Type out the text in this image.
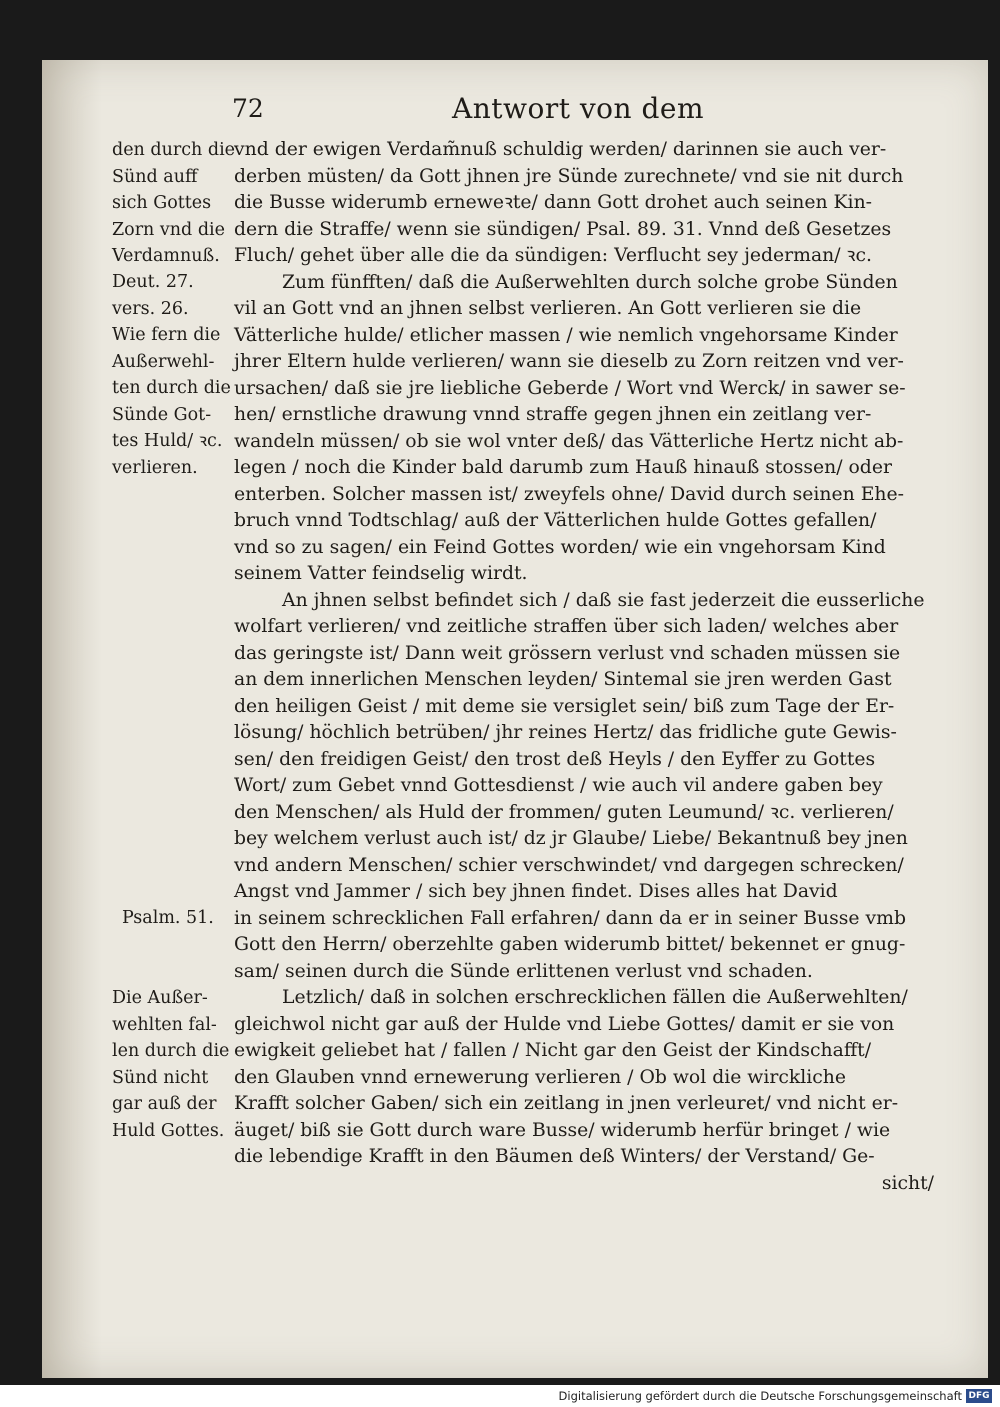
72	Antwort von dem
den durch die
Sünd auff
sich Gottes
Zorn vnd die
Verdamnuß.
Deut. 27.
vers. 26.
Wie fern die
Außerwehl-
ten durch die
Sünde Got-
tes Huld/ ꝛc.
verlieren.
Psalm. 51.
Die Außer-
wehlten fal-
len durch die
Sünd nicht
gar auß der
Huld Gottes.
vnd der ewigen Verdam̃nuß schuldig werden/ darinnen sie auch ver-
derben müsten/ da Gott jhnen jre Sünde zurechnete/ vnd sie nit durch
die Busse widerumb erneweꝛte/ dann Gott drohet auch seinen Kin-
dern die Straffe/ wenn sie sündigen/ Psal. 89. 31. Vnnd deß Gesetzes
Fluch/ gehet über alle die da sündigen: Verflucht sey jederman/ ꝛc.
Zum fünfften/ daß die Außerwehlten durch solche grobe Sünden
vil an Gott vnd an jhnen selbst verlieren. An Gott verlieren sie die
Vätterliche hulde/ etlicher massen / wie nemlich vngehorsame Kinder
jhrer Eltern hulde verlieren/ wann sie dieselb zu Zorn reitzen vnd ver-
ursachen/ daß sie jre liebliche Geberde / Wort vnd Werck/ in sawer se-
hen/ ernstliche drawung vnnd straffe gegen jhnen ein zeitlang ver-
wandeln müssen/ ob sie wol vnter deß/ das Vätterliche Hertz nicht ab-
legen / noch die Kinder bald darumb zum Hauß hinauß stossen/ oder
enterben. Solcher massen ist/ zweyfels ohne/ David durch seinen Ehe-
bruch vnnd Todtschlag/ auß der Vätterlichen hulde Gottes gefallen/
vnd so zu sagen/ ein Feind Gottes worden/ wie ein vngehorsam Kind
seinem Vatter feindselig wirdt.
An jhnen selbst befindet sich / daß sie fast jederzeit die eusserliche
wolfart verlieren/ vnd zeitliche straffen über sich laden/ welches aber
das geringste ist/ Dann weit grössern verlust vnd schaden müssen sie
an dem innerlichen Menschen leyden/ Sintemal sie jren werden Gast
den heiligen Geist / mit deme sie versiglet sein/ biß zum Tage der Er-
lösung/ höchlich betrüben/ jhr reines Hertz/ das fridliche gute Gewis-
sen/ den freidigen Geist/ den trost deß Heyls / den Eyffer zu Gottes
Wort/ zum Gebet vnnd Gottesdienst / wie auch vil andere gaben bey
den Menschen/ als Huld der frommen/ guten Leumund/ ꝛc. verlieren/
bey welchem verlust auch ist/ dz jr Glaube/ Liebe/ Bekantnuß bey jnen
vnd andern Menschen/ schier verschwindet/ vnd dargegen schrecken/
Angst vnd Jammer / sich bey jhnen findet. Dises alles hat David
in seinem schrecklichen Fall erfahren/ dann da er in seiner Busse vmb
Gott den Herrn/ oberzehlte gaben widerumb bittet/ bekennet er gnug-
sam/ seinen durch die Sünde erlittenen verlust vnd schaden.
Letzlich/ daß in solchen erschrecklichen fällen die Außerwehlten/
gleichwol nicht gar auß der Hulde vnd Liebe Gottes/ damit er sie von
ewigkeit geliebet hat / fallen / Nicht gar den Geist der Kindschafft/
den Glauben vnnd ernewerung verlieren / Ob wol die wirckliche
Krafft solcher Gaben/ sich ein zeitlang in jnen verleuret/ vnd nicht er-
äuget/ biß sie Gott durch ware Busse/ widerumb herfür bringet / wie
die lebendige Krafft in den Bäumen deß Winters/ der Verstand/ Ge-
sicht/
Digitalisierung gefördert durch die Deutsche Forschungsgemeinschaft DFG
